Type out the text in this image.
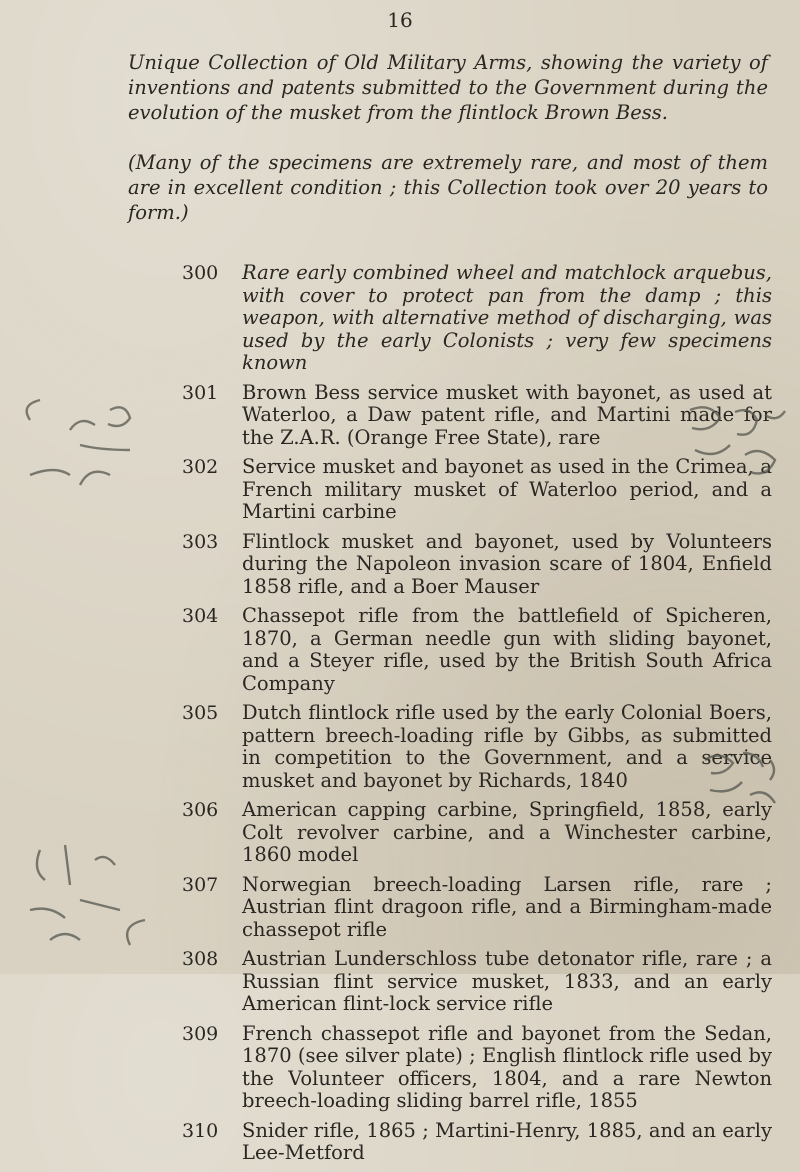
16

Unique Collection of Old Military Arms, showing the variety of inventions and patents submitted to the Government during the evolution of the musket from the flintlock Brown Bess.

(Many of the specimens are extremely rare, and most of them are in excellent condition ; this Collection took over 20 years to form.)

300	Rare early combined wheel and matchlock arquebus, with cover to protect pan from the damp ; this weapon, with alternative method of discharging, was used by the early Colonists ; very few specimens known
301	Brown Bess service musket with bayonet, as used at Waterloo, a Daw patent rifle, and Martini made for the Z.A.R. (Orange Free State), rare
302	Service musket and bayonet as used in the Crimea, a French military musket of Waterloo period, and a Martini carbine
303	Flintlock musket and bayonet, used by Volunteers during the Napoleon invasion scare of 1804, Enfield 1858 rifle, and a Boer Mauser
304	Chassepot rifle from the battlefield of Spicheren, 1870, a German needle gun with sliding bayonet, and a Steyer rifle, used by the British South Africa Company
305	Dutch flintlock rifle used by the early Colonial Boers, pattern breech-loading rifle by Gibbs, as submitted in competition to the Government, and a service musket and bayonet by Richards, 1840
306	American capping carbine, Springfield, 1858, early Colt revolver carbine, and a Winchester carbine, 1860 model
307	Norwegian breech-loading Larsen rifle, rare ; Austrian flint dragoon rifle, and a Birmingham-made chassepot rifle
308	Austrian Lunderschloss tube detonator rifle, rare ; a Russian flint service musket, 1833, and an early American flint-lock service rifle
309	French chassepot rifle and bayonet from the Sedan, 1870 (see silver plate) ; English flintlock rifle used by the Volunteer officers, 1804, and a rare Newton breech-loading sliding barrel rifle, 1855
310	Snider rifle, 1865 ; Martini-Henry, 1885, and an early Lee-Metford
